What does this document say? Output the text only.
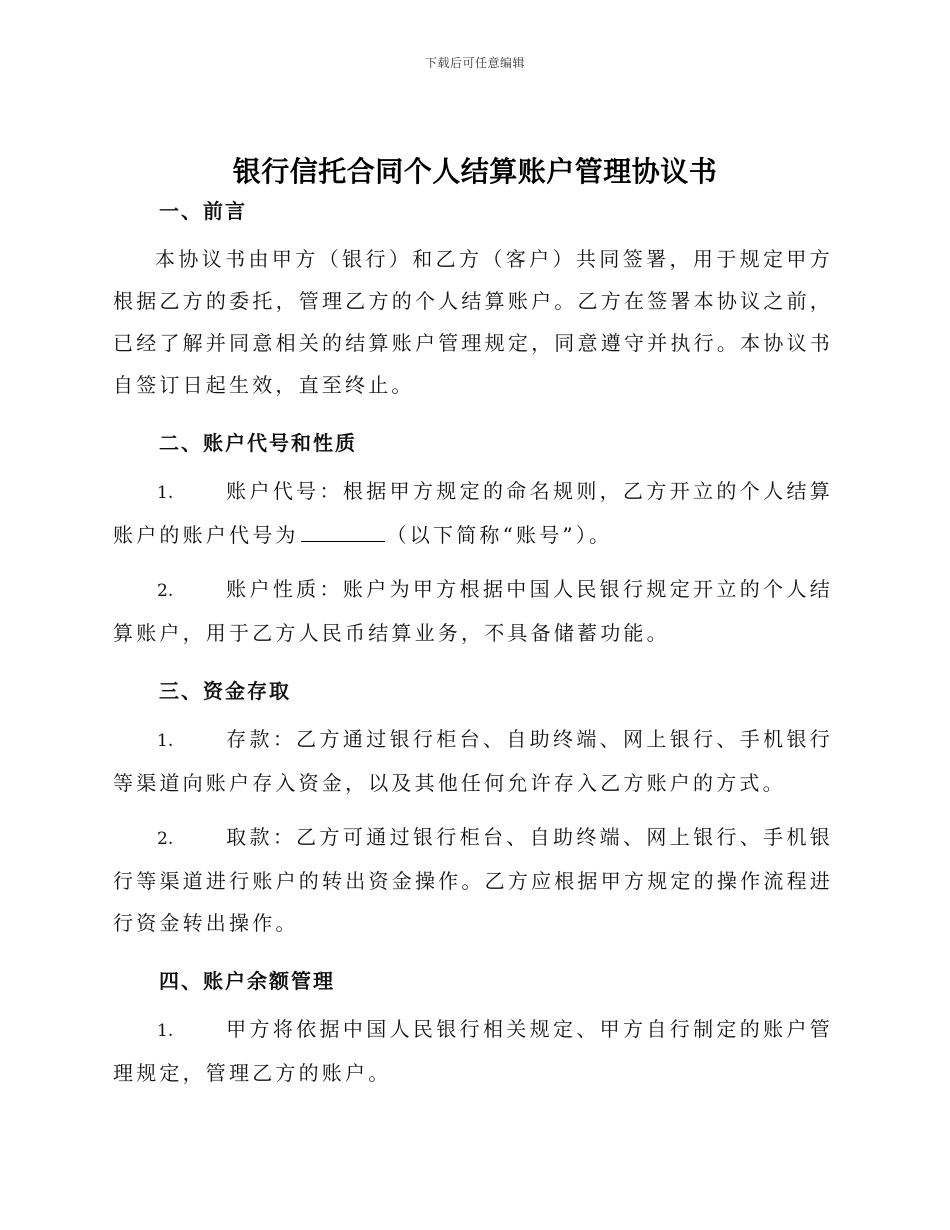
下载后可任意编辑
银行信托合同个人结算账户管理协议书
一、前言

本协议书由甲方（银行）和乙方（客户）共同签署，用于规定甲方根据乙方的委托，管理乙方的个人结算账户。乙方在签署本协议之前，已经了解并同意相关的结算账户管理规定，同意遵守并执行。本协议书自签订日起生效，直至终止。

二、账户代号和性质

1.	账户代号：根据甲方规定的命名规则，乙方开立的个人结算账户的账户代号为	（以下简称“账号”）。

2.	账户性质：账户为甲方根据中国人民银行规定开立的个人结算账户，用于乙方人民币结算业务，不具备储蓄功能。

三、资金存取

1.	存款：乙方通过银行柜台、自助终端、网上银行、手机银行等渠道向账户存入资金，以及其他任何允许存入乙方账户的方式。

2.	取款：乙方可通过银行柜台、自助终端、网上银行、手机银行等渠道进行账户的转出资金操作。乙方应根据甲方规定的操作流程进行资金转出操作。

四、账户余额管理

1.	甲方将依据中国人民银行相关规定、甲方自行制定的账户管理规定，管理乙方的账户。
